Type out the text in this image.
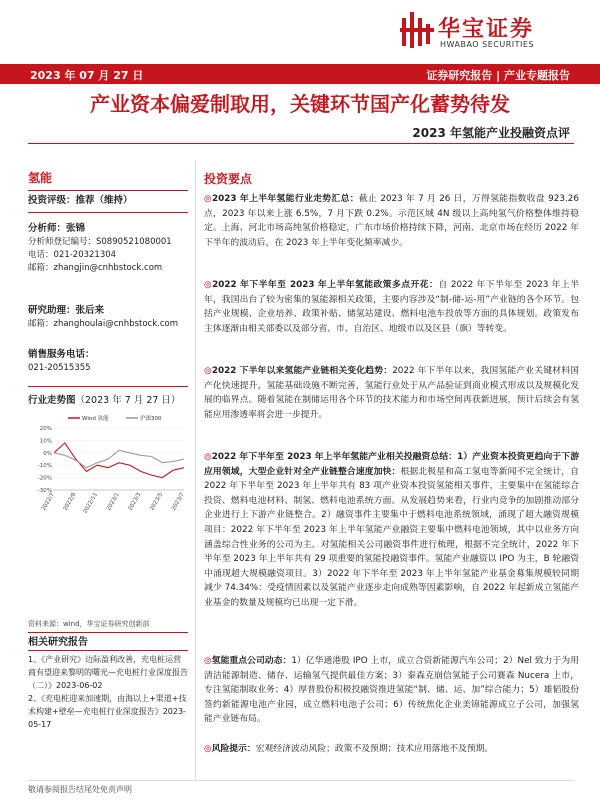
华宝证券
HWABAO SECURITIES
2023 年 07 月 27 日	证券研究报告 | 产业专题报告
产业资本偏爱制取用，关键环节国产化蓄势待发
2023 年氢能产业投融资点评
氢能
投资评级：推荐（维持）
分析师：张锦
分析师登记编号：S0890521080001
电话：021-20321304
邮箱：zhangjin@cnhbstock.com
研究助理：张后来
邮箱：zhanghoulai@cnhbstock.com
销售服务电话：
021-20515355
行业走势图（2023 年 7 月 27 日）
20%
10%
0%
-10%
-20%
-30%
2022/7 2022/9 2022/11 2023/1 2023/3 2023/5 2023/7
Wind 氢能	沪深300
资料来源：wind，华宝证券研究创新部
相关研究报告
1、《产业研究》边际盈利改善，充电桩运营商有望迎来黎明的曙光—充电桩行业深度报告（二）》2023-06-02
2、《充电桩迎来加速期，由海以上+渠道+技术构建+壁垒—充电桩行业深度报告》2023-05-17
投资要点
◎2023 年上半年氢能行业走势汇总：截止 2023 年 7 月 26 日，万得氢能指数收盘 923.26 点，2023 年以来上涨 6.5%，7 月下跌 0.2%。示范区域 4N 级以上高纯氢气价格整体维持稳定。上海、河北市场高纯氢价格稳定，广东市场价格持续下降，河南、北京市场在经历 2022 年下半年的波动后，在 2023 年上半年变化频率减少。
◎2022 年下半年至 2023 年上半年氢能政策多点开花：自 2022 年下半年至 2023 年上半年，我国出台了较为密集的氢能源相关政策，主要内容涉及“制-储-运-用”产业链的各个环节。包括产业规模、企业培养、政策补贴、储氢站建设、燃料电池车投放等方面的具体规划。政策发布主体逐渐由相关部委以及部分省、市、自治区、地级市以及区县（旗）等转变。
◎2022 下半年以来氢能产业链相关变化趋势：2022 年下半年以来，我国氢能产业关键材料国产化快速提升，氢能基础设施不断完善，氢能行业处于从产品验证到商业模式形成以及规模化发展的临界点。随着氢能在制储运用各个环节的技术能力和市场空间再获新进展，预计后续会有氢能应用渗透率将会进一步提升。
◎2022 年下半年至 2023 年上半年氢能产业相关投融资总结：1）产业资本投资更趋向于下游应用领域，大型企业针对全产业链整合速度加快：根据北极星和高工氢电等新闻不完全统计，自 2022 年下半年至 2023 年上半年共有 83 项产业资本投资氢能相关事件，主要集中在氢能综合投资、燃料电池材料、制氢、燃料电池系统方面。从发展趋势来看，行业内竞争的加剧推动部分企业进行上下游产业链整合。2）融资事件主要集中于燃料电池系统领域，涌现了超大融资规模项目：2022 年下半年至 2023 年上半年氢能产业融资主要集中燃料电池领域，其中以业务方向涵盖综合性业务的公司为主。对氢能相关公司融资事件进行梳理，根据不完全统计，2022 年下半年至 2023 年上半年共有 29 项重要的氢能投融资事件。氢能产业融资以 IPO 为主，B 轮融资中涌现超大规模融资项目。3）2022 年下半年至 2023 年上半年氢能产业基金募集规模较同期减少 74.34%：受疫情因素以及氢能产业逐步走向成熟等因素影响，自 2022 年起新成立氢能产业基金的数量及规模均已出现一定下滑。
◎氢能重点公司动态：1）亿华通港股 IPO 上市，成立合资新能源汽车公司；2）Nel 致力于为用清洁能源制造、储存、运输氢气提供最佳方案；3）秦森克崩信氢能子公司赛森 Nucera 上市，专注氢能制取业务；4）厚普股份积极投融资推进氢能“制、储、运、加”综合能力；5）雄韬股份签约新能源电池产业园，成立燃料电池子公司；6）传统焦化企业美锦能源成立子公司，加强氢能产业链布局。
◎风险提示：宏观经济波动风险；政策不及预期；技术应用落地不及预期。
敬请参阅报告结尾处免责声明
